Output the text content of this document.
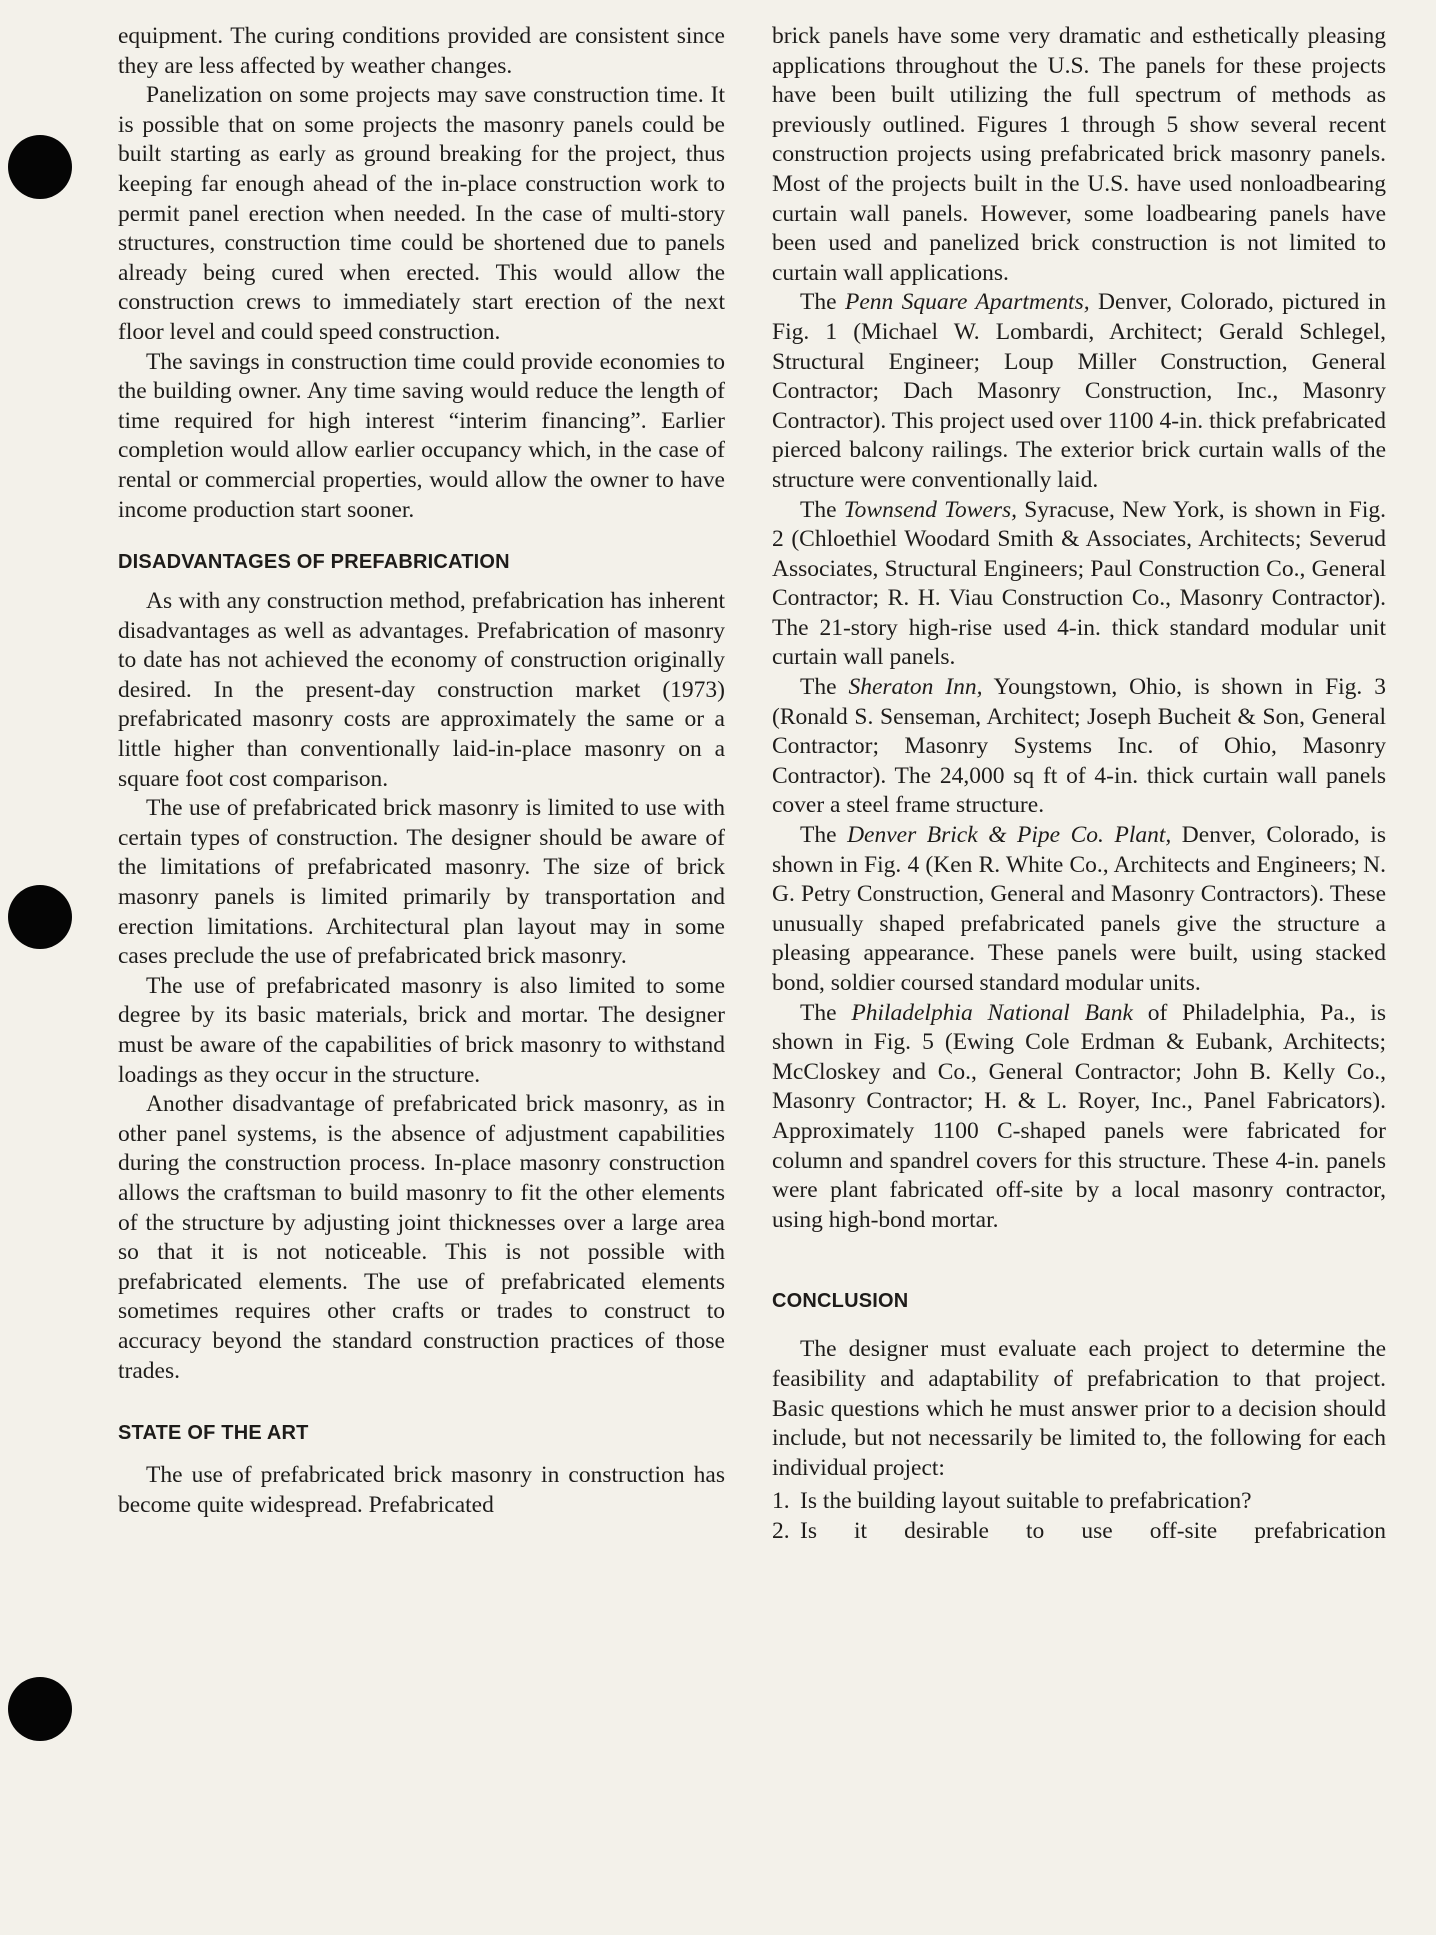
equipment. The curing conditions provided are consistent since they are less affected by weather changes.

Panelization on some projects may save construction time. It is possible that on some projects the masonry panels could be built starting as early as ground breaking for the project, thus keeping far enough ahead of the in-place construction work to permit panel erection when needed. In the case of multi-story structures, construction time could be shortened due to panels already being cured when erected. This would allow the construction crews to immediately start erection of the next floor level and could speed construction.

The savings in construction time could provide economies to the building owner. Any time saving would reduce the length of time required for high interest “interim financing”. Earlier completion would allow earlier occupancy which, in the case of rental or commercial properties, would allow the owner to have income production start sooner.

DISADVANTAGES OF PREFABRICATION

As with any construction method, prefabrication has inherent disadvantages as well as advantages. Prefabrication of masonry to date has not achieved the economy of construction originally desired. In the present-day construction market (1973) prefabricated masonry costs are approximately the same or a little higher than conventionally laid-in-place masonry on a square foot cost comparison.

The use of prefabricated brick masonry is limited to use with certain types of construction. The designer should be aware of the limitations of prefabricated masonry. The size of brick masonry panels is limited primarily by transportation and erection limitations. Architectural plan layout may in some cases preclude the use of prefabricated brick masonry.

The use of prefabricated masonry is also limited to some degree by its basic materials, brick and mortar. The designer must be aware of the capabilities of brick masonry to withstand loadings as they occur in the structure.

Another disadvantage of prefabricated brick masonry, as in other panel systems, is the absence of adjustment capabilities during the construction process. In-place masonry construction allows the craftsman to build masonry to fit the other elements of the structure by adjusting joint thicknesses over a large area so that it is not noticeable. This is not possible with prefabricated elements. The use of prefabricated elements sometimes requires other crafts or trades to construct to accuracy beyond the standard construction practices of those trades.

STATE OF THE ART

The use of prefabricated brick masonry in construction has become quite widespread. Prefabricated

brick panels have some very dramatic and esthetically pleasing applications throughout the U.S. The panels for these projects have been built utilizing the full spectrum of methods as previously outlined. Figures 1 through 5 show several recent construction projects using prefabricated brick masonry panels. Most of the projects built in the U.S. have used nonloadbearing curtain wall panels. However, some loadbearing panels have been used and panelized brick construction is not limited to curtain wall applications.

The Penn Square Apartments, Denver, Colorado, pictured in Fig. 1 (Michael W. Lombardi, Architect; Gerald Schlegel, Structural Engineer; Loup Miller Construction, General Contractor; Dach Masonry Construction, Inc., Masonry Contractor). This project used over 1100 4-in. thick prefabricated pierced balcony railings. The exterior brick curtain walls of the structure were conventionally laid.

The Townsend Towers, Syracuse, New York, is shown in Fig. 2 (Chloethiel Woodard Smith & Associates, Architects; Severud Associates, Structural Engineers; Paul Construction Co., General Contractor; R. H. Viau Construction Co., Masonry Contractor). The 21-story high-rise used 4-in. thick standard modular unit curtain wall panels.

The Sheraton Inn, Youngstown, Ohio, is shown in Fig. 3 (Ronald S. Senseman, Architect; Joseph Bucheit & Son, General Contractor; Masonry Systems Inc. of Ohio, Masonry Contractor). The 24,000 sq ft of 4-in. thick curtain wall panels cover a steel frame structure.

The Denver Brick & Pipe Co. Plant, Denver, Colorado, is shown in Fig. 4 (Ken R. White Co., Architects and Engineers; N. G. Petry Construction, General and Masonry Contractors). These unusually shaped prefabricated panels give the structure a pleasing appearance. These panels were built, using stacked bond, soldier coursed standard modular units.

The Philadelphia National Bank of Philadelphia, Pa., is shown in Fig. 5 (Ewing Cole Erdman & Eubank, Architects; McCloskey and Co., General Contractor; John B. Kelly Co., Masonry Contractor; H. & L. Royer, Inc., Panel Fabricators). Approximately 1100 C-shaped panels were fabricated for column and spandrel covers for this structure. These 4-in. panels were plant fabricated off-site by a local masonry contractor, using high-bond mortar.

CONCLUSION

The designer must evaluate each project to determine the feasibility and adaptability of prefabrication to that project. Basic questions which he must answer prior to a decision should include, but not necessarily be limited to, the following for each individual project:

1. Is the building layout suitable to prefabrication?
2. Is it desirable to use off-site prefabrication
